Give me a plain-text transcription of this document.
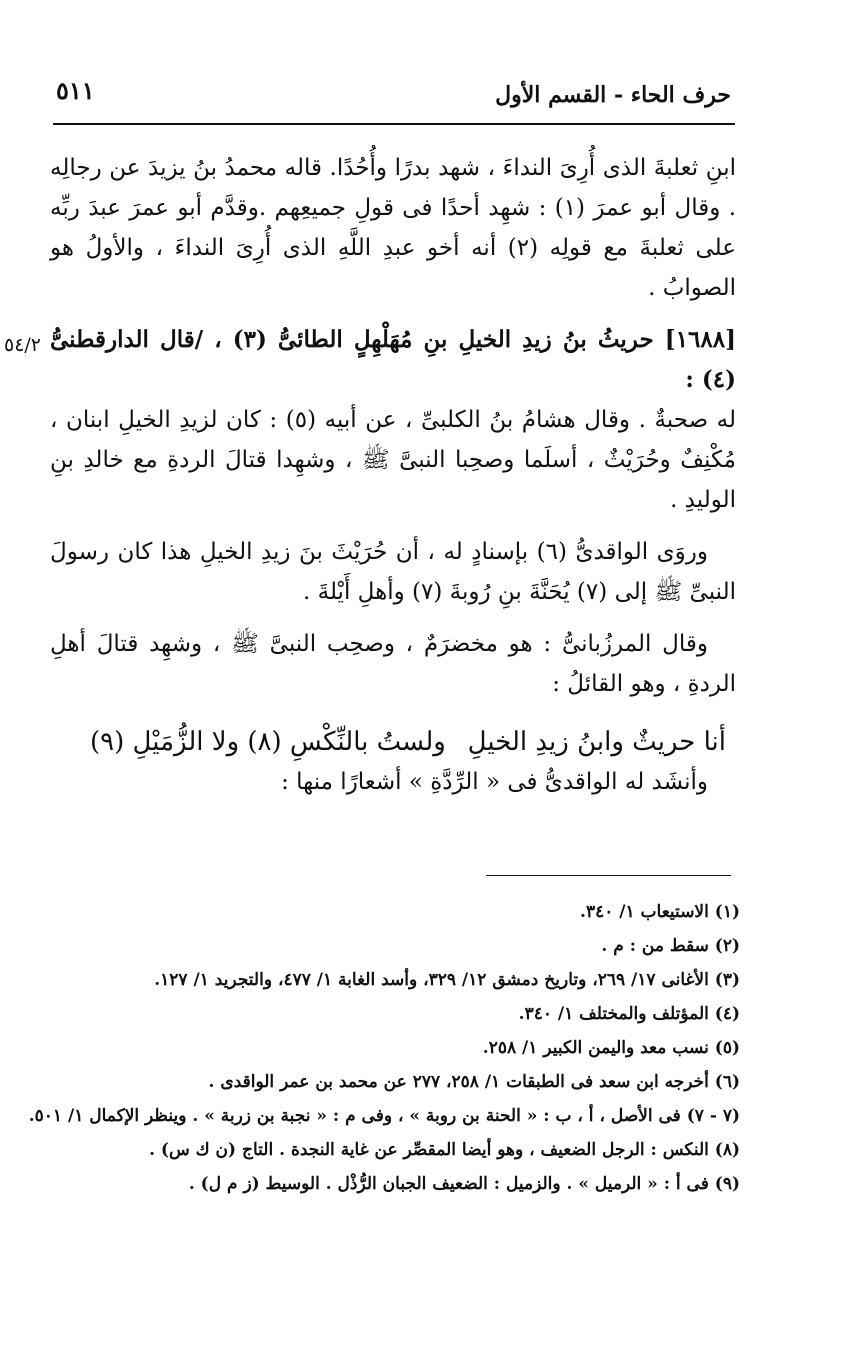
٥١١	حرف الحاء - القسم الأول
٥٤/٢

ابنِ ثعلبةَ الذى أُرِىَ النداءَ ، شهد بدرًا وأُحُدًا. قاله محمدُ بنُ يزيدَ عن رجالِه . وقال أبو عمرَ (١) : شهِد أحدًا فى قولِ جميعِهم .وقدَّم أبو عمرَ عبدَ ربِّه على ثعلبةَ مع قولِه (٢) أنه أخو عبدِ اللَّهِ الذى أُرِىَ النداءَ ، والأولُ هو الصوابُ .

[١٦٨٨] حريثُ بنُ زيدِ الخيلِ بنِ مُهَلْهِلٍ الطائىُّ (٣) ، /قال الدارقطنىُّ (٤) :

له صحبةٌ . وقال هشامُ بنُ الكلبىِّ ، عن أبيه (٥) : كان لزيدِ الخيلِ ابنان ، مُكْنِفٌ وحُرَيْثٌ ، أسلَما وصحِبا النبىَّ ﷺ ، وشهِدا قتالَ الردةِ مع خالدِ بنِ الوليدِ .

وروَى الواقدىُّ (٦) بإسنادٍ له ، أن حُرَيْثَ بنَ زيدِ الخيلِ هذا كان رسولَ النبىِّ ﷺ إلى (٧) يُحَنَّةَ بنِ رُوبةَ (٧) وأهلِ أَيْلةَ .

وقال المرزُبانىُّ : هو مخضرَمٌ ، وصحِب النبىَّ ﷺ ، وشهِد قتالَ أهلِ الردةِ ، وهو القائلُ :

أنا حريثٌ وابنُ زيدِ الخيلِ
ولستُ بالنِّكْسِ (٨) ولا الزُّمَيْلِ (٩)

وأنشَد له الواقدىُّ فى « الرِّدَّةِ » أشعارًا منها :

(١) الاستيعاب ١/ ٣٤٠.

(٢) سقط من : م .

(٣) الأغانى ١٧/ ٢٦٩، وتاريخ دمشق ١٢/ ٣٢٩، وأسد الغابة ١/ ٤٧٧، والتجريد ١/ ١٢٧.

(٤) المؤتلف والمختلف ١/ ٣٤٠.

(٥) نسب معد واليمن الكبير ١/ ٢٥٨.

(٦) أخرجه ابن سعد فى الطبقات ١/ ٢٥٨، ٢٧٧ عن محمد بن عمر الواقدى .

(٧ - ٧) فى الأصل ، أ ، ب : « الحنة بن روبة » ، وفى م : « نجبة بن زربة » . وينظر الإكمال ١/ ٥٠١.

(٨) النكس : الرجل الضعيف ، وهو أيضا المقصِّر عن غاية النجدة . التاج (ن ك س) .

(٩) فى أ : « الرميل » . والزميل : الضعيف الجبان الرُّذْل . الوسيط (ز م ل) .
